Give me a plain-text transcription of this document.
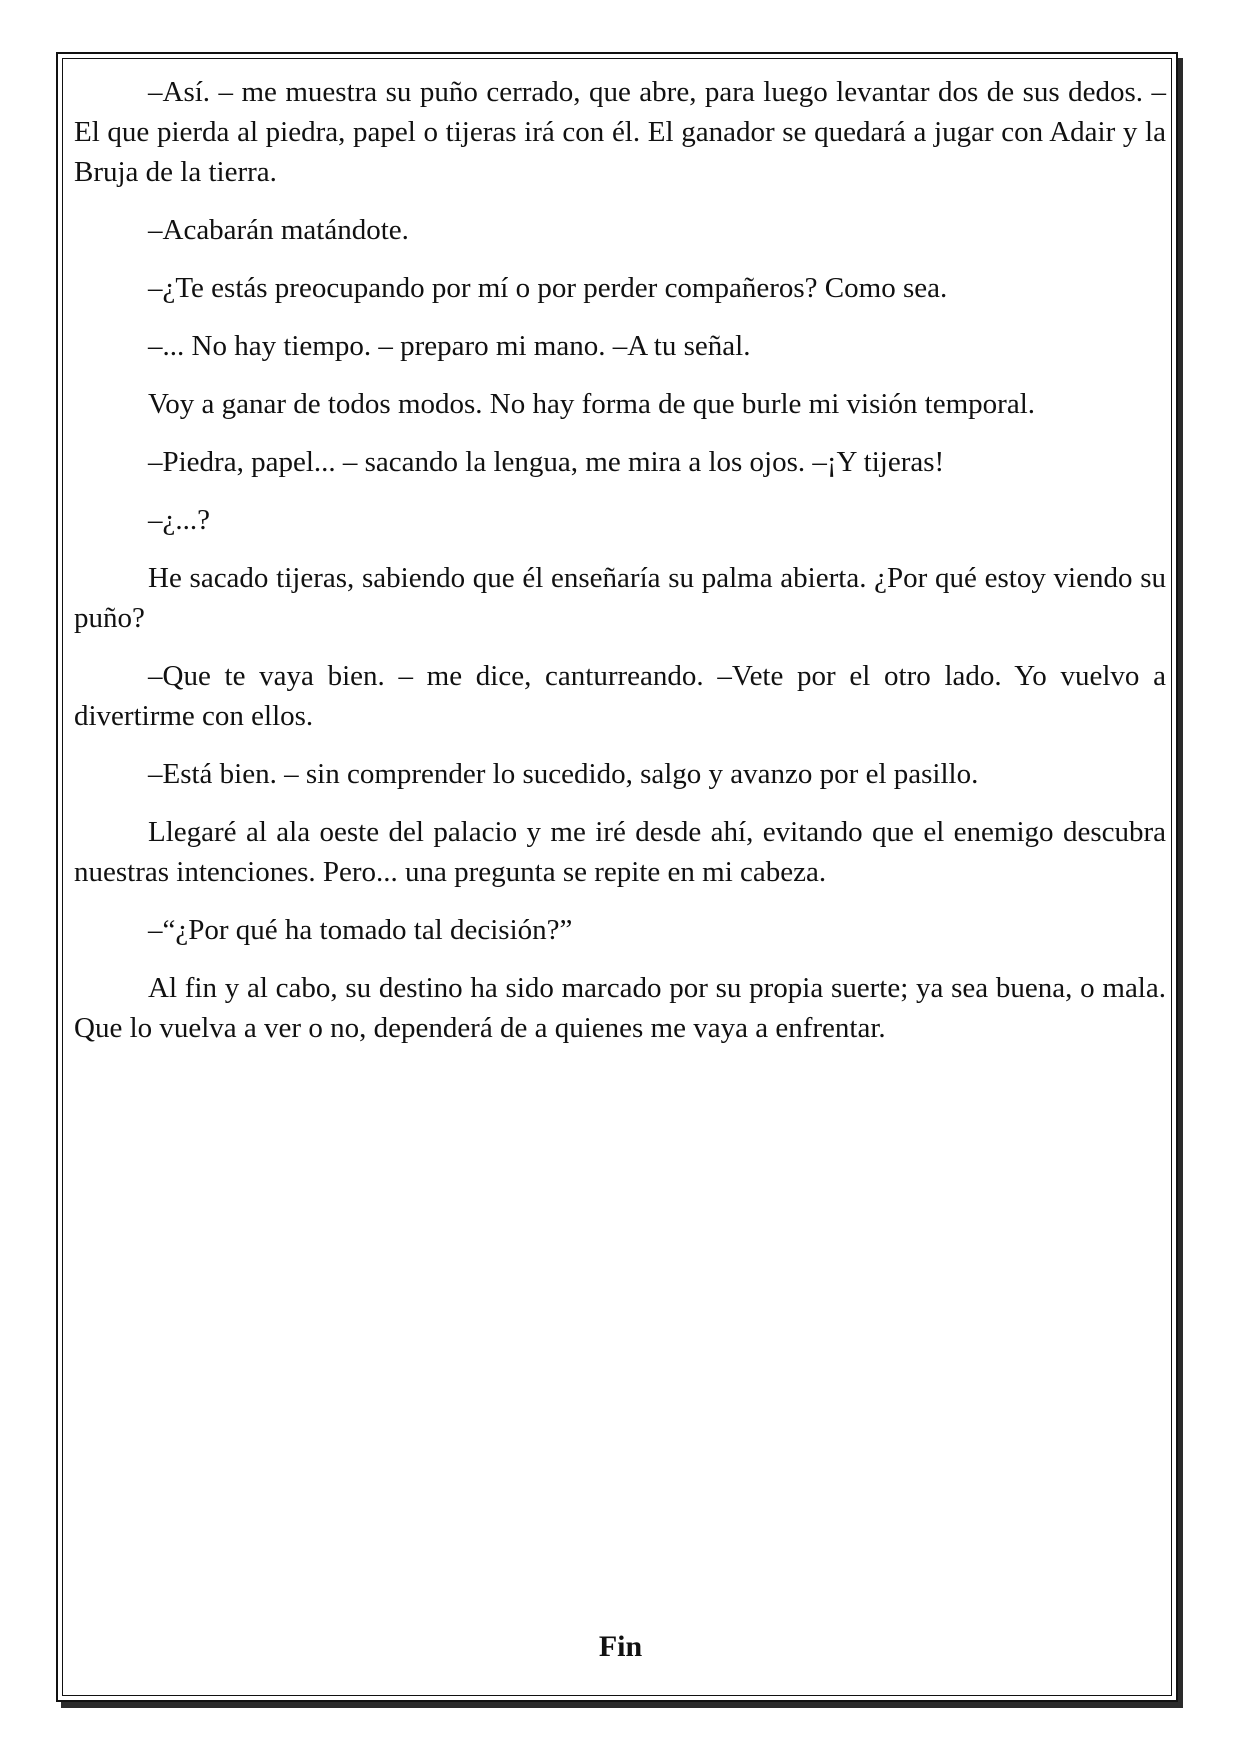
–Así. – me muestra su puño cerrado, que abre, para luego levantar dos de sus dedos. –El que pierda al piedra, papel o tijeras irá con él. El ganador se quedará a jugar con Adair y la Bruja de la tierra.

–Acabarán matándote.

–¿Te estás preocupando por mí o por perder compañeros? Como sea.

–... No hay tiempo. – preparo mi mano. –A tu señal.

Voy a ganar de todos modos. No hay forma de que burle mi visión temporal.

–Piedra, papel... – sacando la lengua, me mira a los ojos. –¡Y tijeras!

–¿...?

He sacado tijeras, sabiendo que él enseñaría su palma abierta. ¿Por qué estoy viendo su puño?

–Que te vaya bien. – me dice, canturreando. –Vete por el otro lado. Yo vuelvo a divertirme con ellos.

–Está bien. – sin comprender lo sucedido, salgo y avanzo por el pasillo.

Llegaré al ala oeste del palacio y me iré desde ahí, evitando que el enemigo descubra nuestras intenciones. Pero... una pregunta se repite en mi cabeza.

–“¿Por qué ha tomado tal decisión?”

Al fin y al cabo, su destino ha sido marcado por su propia suerte; ya sea buena, o mala. Que lo vuelva a ver o no, dependerá de a quienes me vaya a enfrentar.

Fin
